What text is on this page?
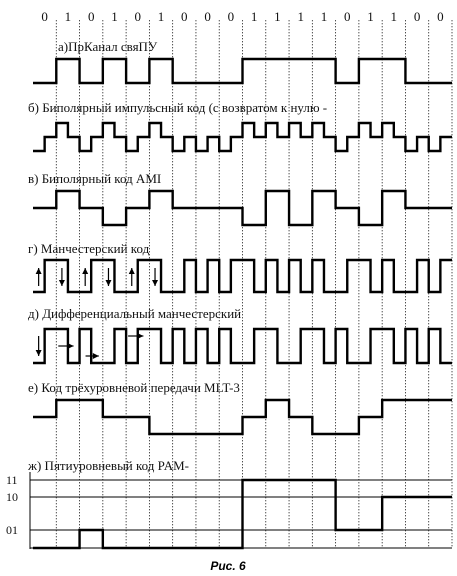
0 1 0 1 0 1 0 0 0 1 1 1 1 0 1 1 0 0
а)ПрКанал свяПУ
б) Биполярный импульсный код (с возвратом к нулю -
в) Биполярный код AMI
г) Манчестерский код
д) Дифференциальный манчестерский
е) Код трёхуровневой передачи MLT-3
ж) Пятиуровневый код PAM-
11
10
01
Рис. 6
